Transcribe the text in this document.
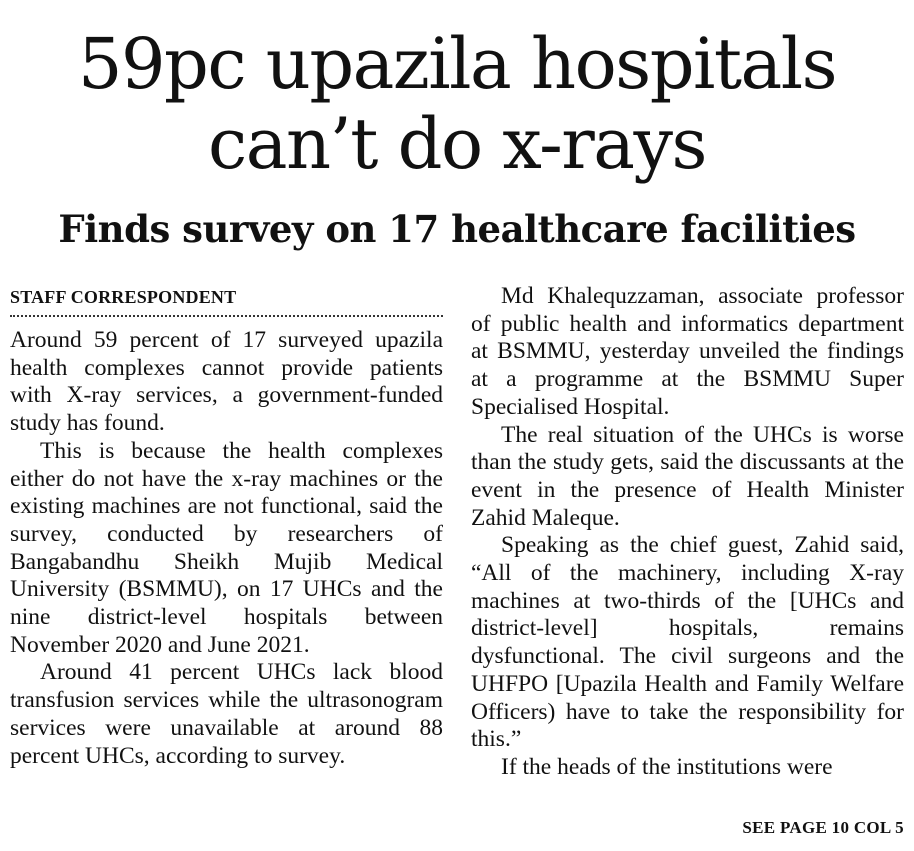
59pc upazila hospitals
can’t do x-rays
Finds survey on 17 healthcare facilities
STAFF CORRESPONDENT

Around 59 percent of 17 surveyed upazila health complexes cannot provide patients with X-ray services, a government-funded study has found.

This is because the health complexes either do not have the x-ray machines or the existing machines are not functional, said the survey, conducted by researchers of Bangabandhu Sheikh Mujib Medical University (BSMMU), on 17 UHCs and the nine district-level hospitals between November 2020 and June 2021.

Around 41 percent UHCs lack blood transfusion services while the ultrasonogram services were unavailable at around 88 percent UHCs, according to survey.

Md Khalequzzaman, associate professor of public health and informatics department at BSMMU, yesterday unveiled the findings at a programme at the BSMMU Super Specialised Hospital.

The real situation of the UHCs is worse than the study gets, said the discussants at the event in the presence of Health Minister Zahid Maleque.

Speaking as the chief guest, Zahid said, “All of the machinery, including X-ray machines at two-thirds of the [UHCs and district-level] hospitals, remains dysfunctional. The civil surgeons and the UHFPO [Upazila Health and Family Welfare Officers) have to take the responsibility for this.”

If the heads of the institutions were

SEE PAGE 10 COL 5
